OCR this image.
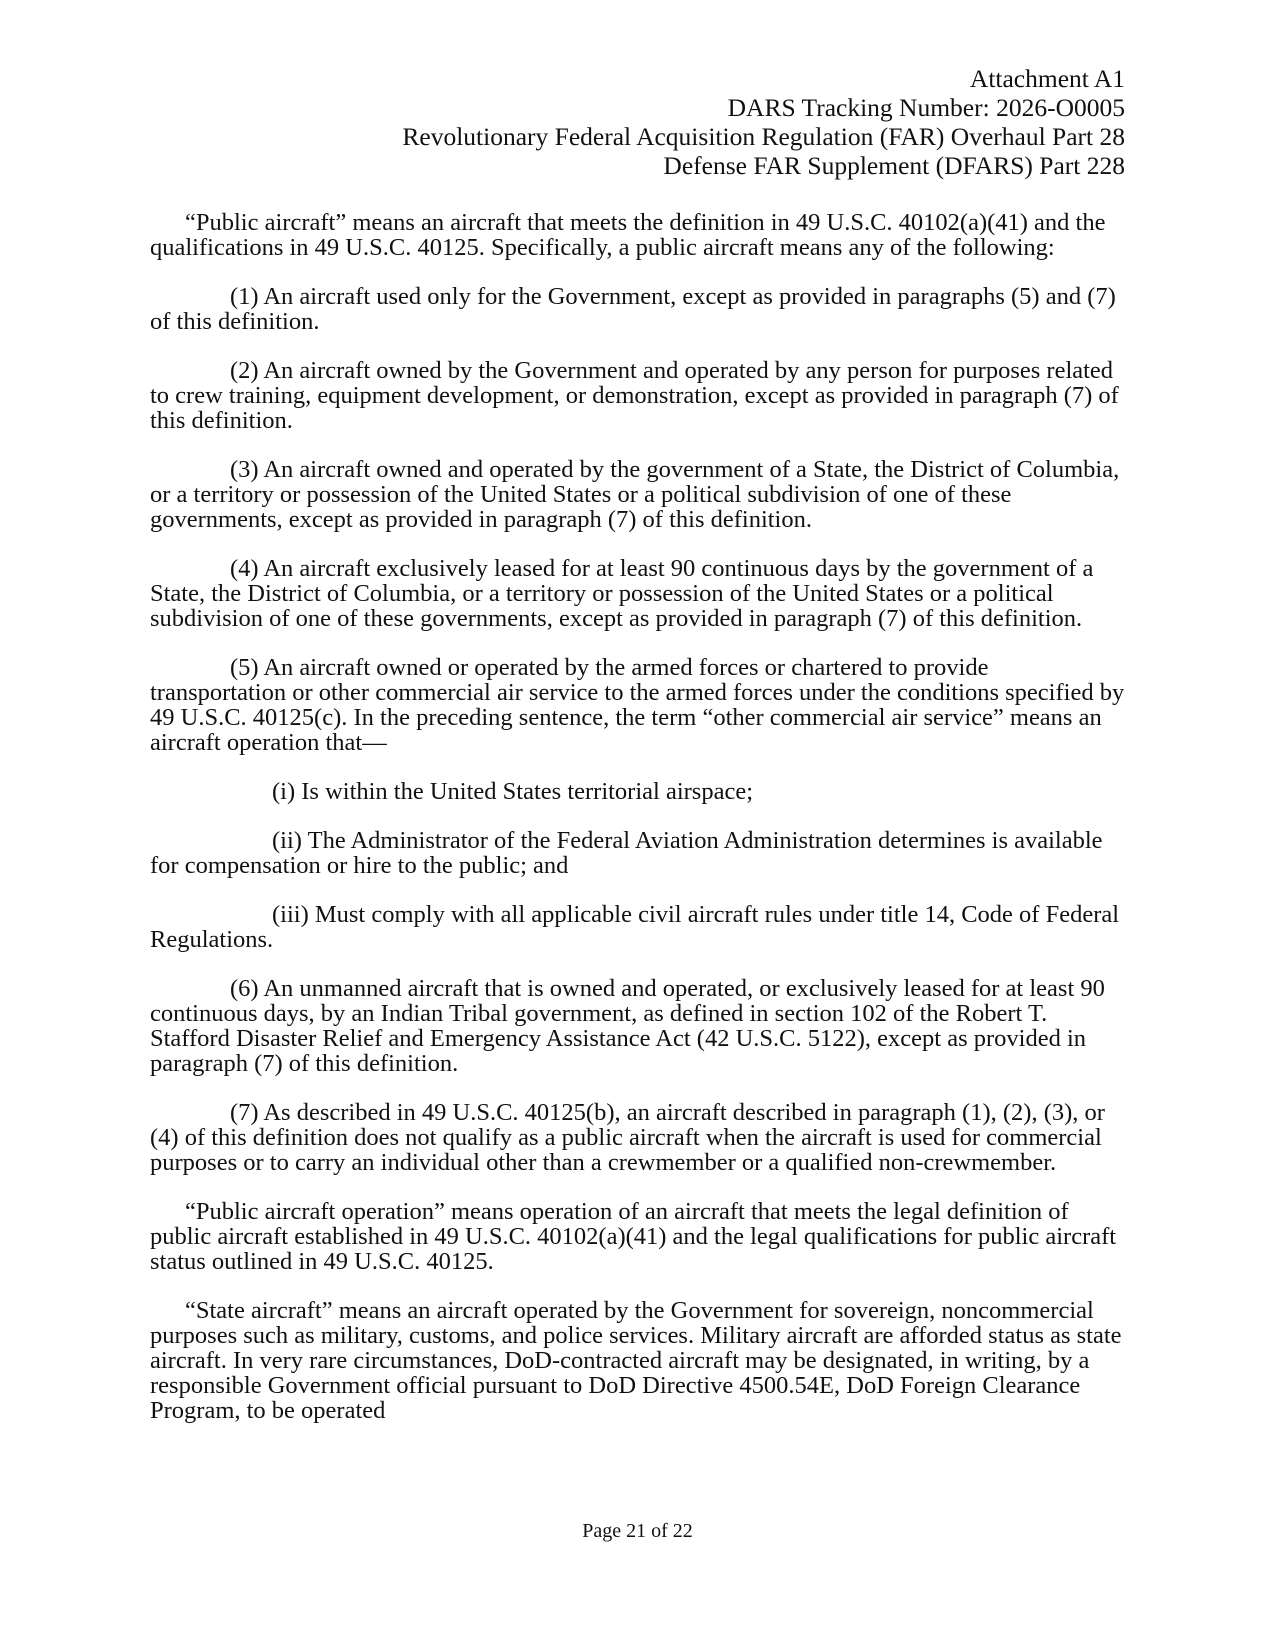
Attachment A1
DARS Tracking Number: 2026-O0005
Revolutionary Federal Acquisition Regulation (FAR) Overhaul Part 28
Defense FAR Supplement (DFARS) Part 228

“Public aircraft” means an aircraft that meets the definition in 49 U.S.C. 40102(a)(41) and the qualifications in 49 U.S.C. 40125. Specifically, a public aircraft means any of the following:

(1) An aircraft used only for the Government, except as provided in paragraphs (5) and (7) of this definition.

(2) An aircraft owned by the Government and operated by any person for purposes related to crew training, equipment development, or demonstration, except as provided in paragraph (7) of this definition.

(3) An aircraft owned and operated by the government of a State, the District of Columbia, or a territory or possession of the United States or a political subdivision of one of these governments, except as provided in paragraph (7) of this definition.

(4) An aircraft exclusively leased for at least 90 continuous days by the government of a State, the District of Columbia, or a territory or possession of the United States or a political subdivision of one of these governments, except as provided in paragraph (7) of this definition.

(5) An aircraft owned or operated by the armed forces or chartered to provide transportation or other commercial air service to the armed forces under the conditions specified by 49 U.S.C. 40125(c). In the preceding sentence, the term “other commercial air service” means an aircraft operation that—

(i) Is within the United States territorial airspace;

(ii) The Administrator of the Federal Aviation Administration determines is available for compensation or hire to the public; and

(iii) Must comply with all applicable civil aircraft rules under title 14, Code of Federal Regulations.

(6) An unmanned aircraft that is owned and operated, or exclusively leased for at least 90 continuous days, by an Indian Tribal government, as defined in section 102 of the Robert T. Stafford Disaster Relief and Emergency Assistance Act (42 U.S.C. 5122), except as provided in paragraph (7) of this definition.

(7) As described in 49 U.S.C. 40125(b), an aircraft described in paragraph (1), (2), (3), or (4) of this definition does not qualify as a public aircraft when the aircraft is used for commercial purposes or to carry an individual other than a crewmember or a qualified non-crewmember.

“Public aircraft operation” means operation of an aircraft that meets the legal definition of public aircraft established in 49 U.S.C. 40102(a)(41) and the legal qualifications for public aircraft status outlined in 49 U.S.C. 40125.

“State aircraft” means an aircraft operated by the Government for sovereign, noncommercial purposes such as military, customs, and police services. Military aircraft are afforded status as state aircraft. In very rare circumstances, DoD-contracted aircraft may be designated, in writing, by a responsible Government official pursuant to DoD Directive 4500.54E, DoD Foreign Clearance Program, to be operated

Page 21 of 22
